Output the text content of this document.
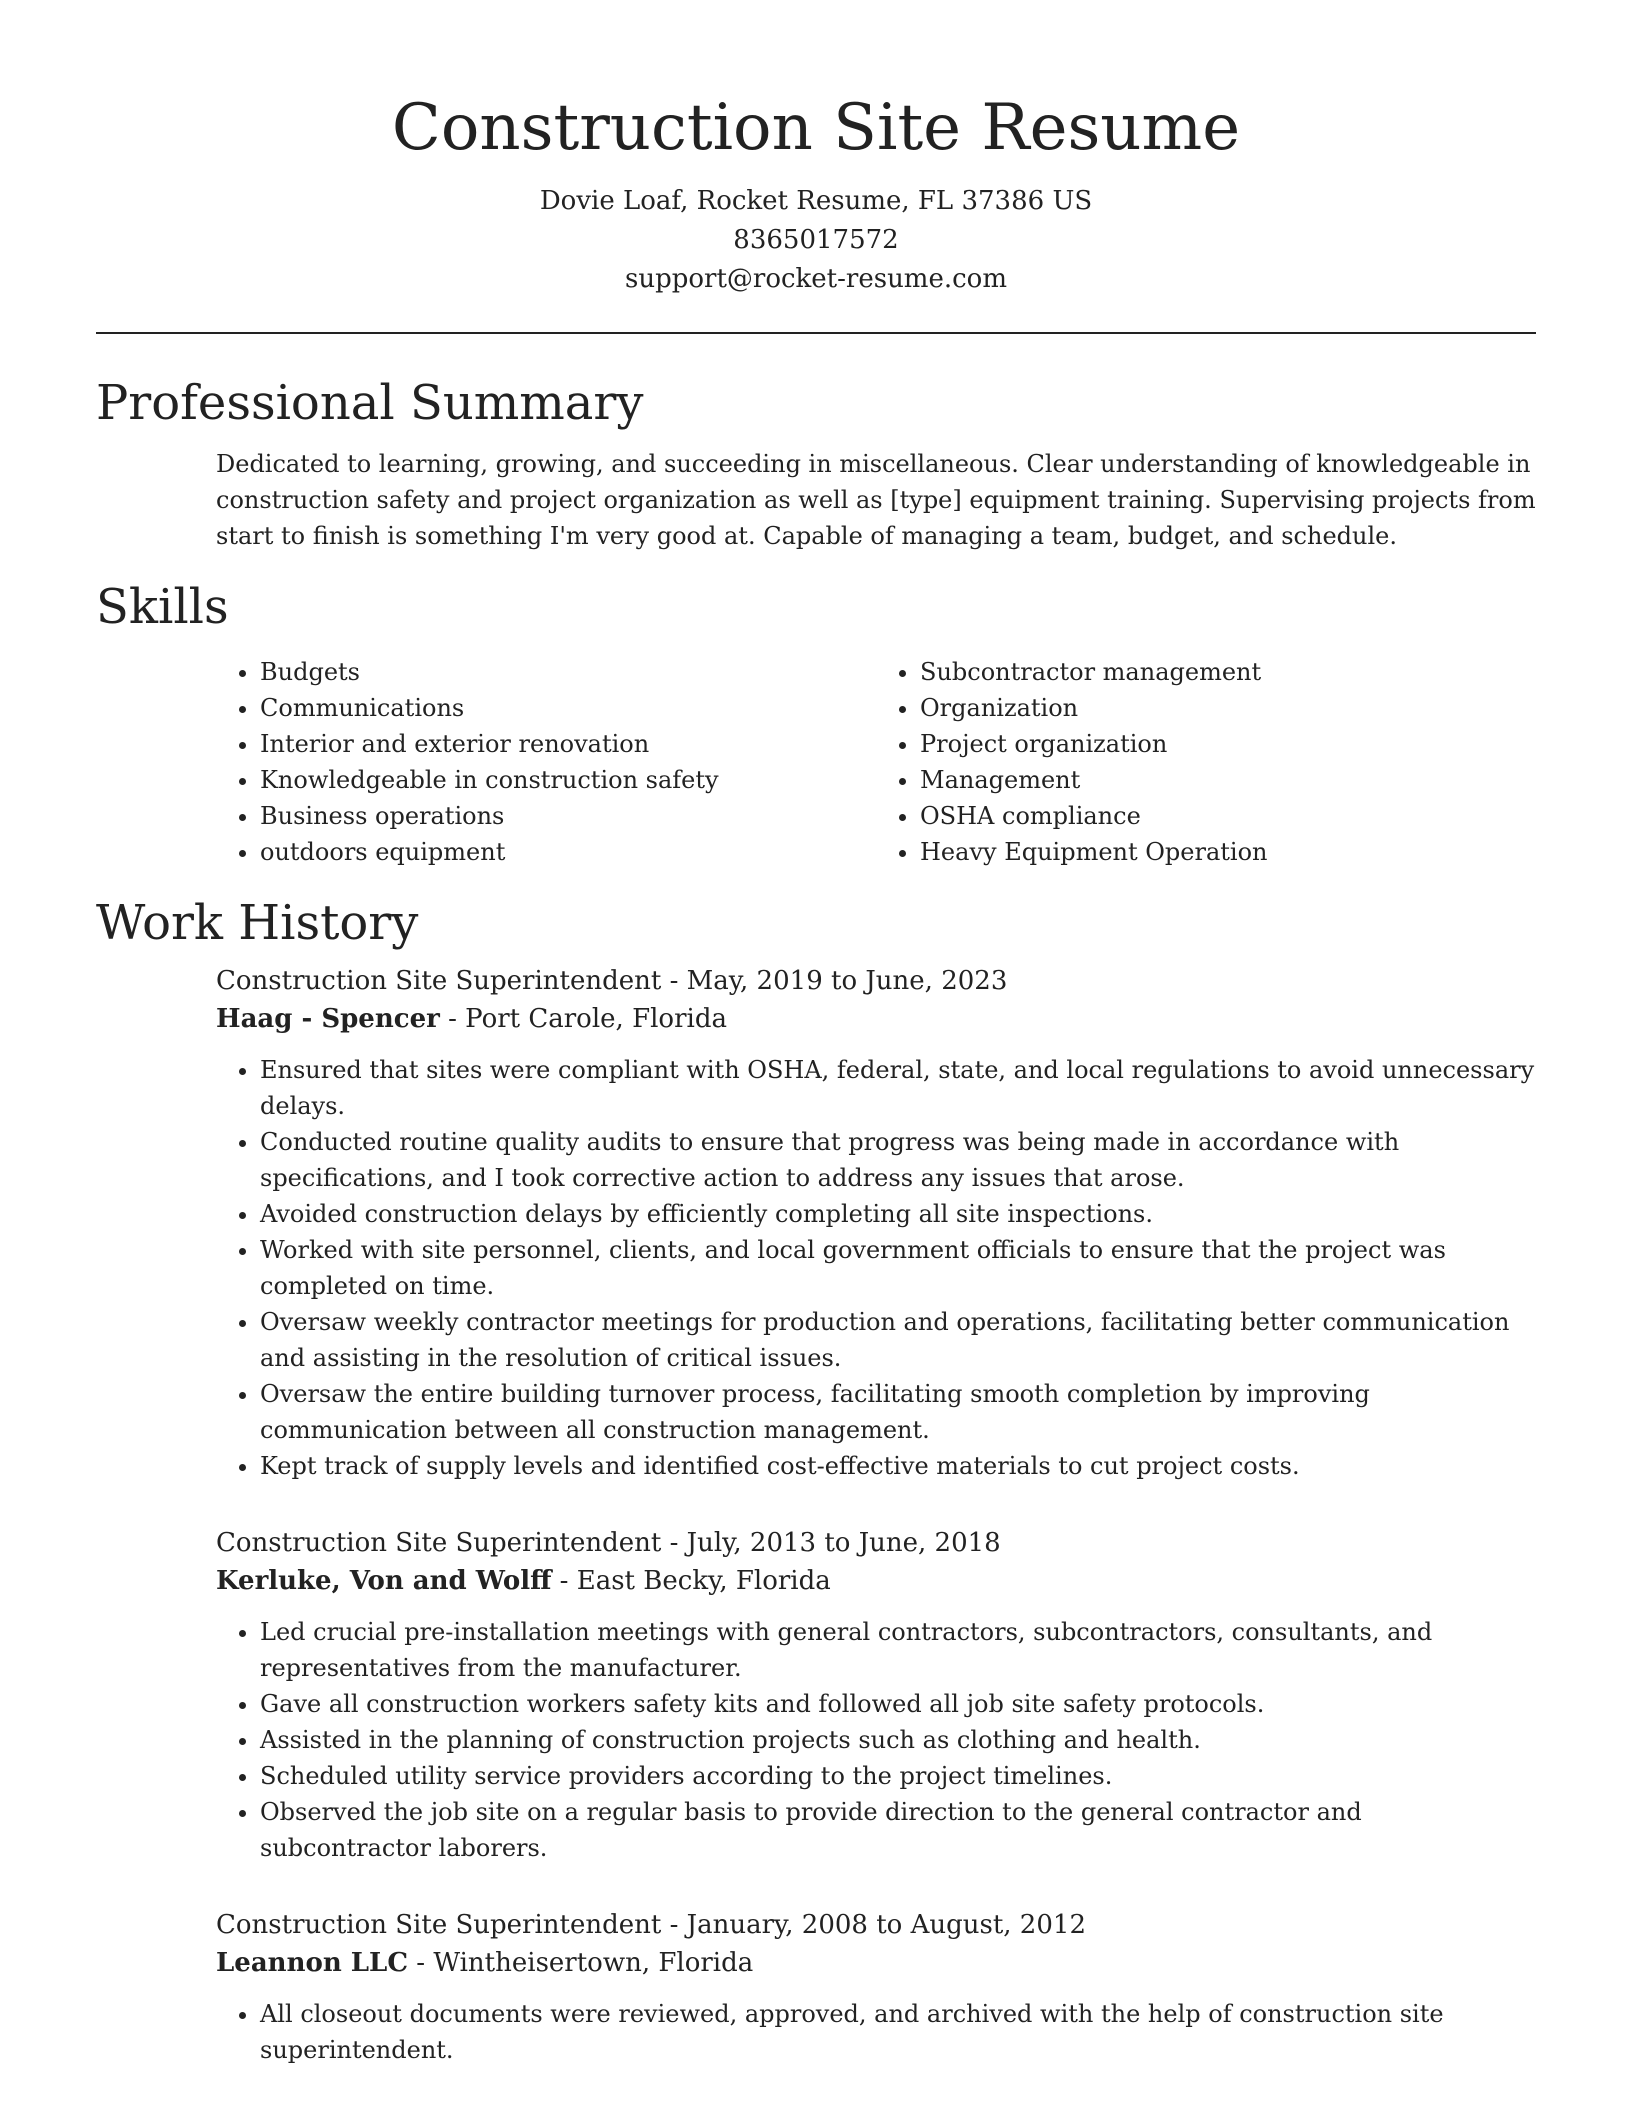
Construction Site Resume
Dovie Loaf, Rocket Resume, FL 37386 US
8365017572
support@rocket-resume.com
Professional Summary

Dedicated to learning, growing, and succeeding in miscellaneous. Clear understanding of knowledgeable in construction safety and project organization as well as [type] equipment training. Supervising projects from start to finish is something I'm very good at. Capable of managing a team, budget, and schedule.

Skills
• Budgets
• Communications
• Interior and exterior renovation
• Knowledgeable in construction safety
• Business operations
• outdoors equipment
• Subcontractor management
• Organization
• Project organization
• Management
• OSHA compliance
• Heavy Equipment Operation
Work History
Construction Site Superintendent - May, 2019 to June, 2023
Haag - Spencer - Port Carole, Florida
• Ensured that sites were compliant with OSHA, federal, state, and local regulations to avoid unnecessary delays.
• Conducted routine quality audits to ensure that progress was being made in accordance with specifications, and I took corrective action to address any issues that arose.
• Avoided construction delays by efficiently completing all site inspections.
• Worked with site personnel, clients, and local government officials to ensure that the project was completed on time.
• Oversaw weekly contractor meetings for production and operations, facilitating better communication and assisting in the resolution of critical issues.
• Oversaw the entire building turnover process, facilitating smooth completion by improving communication between all construction management.
• Kept track of supply levels and identified cost-effective materials to cut project costs.
Construction Site Superintendent - July, 2013 to June, 2018
Kerluke, Von and Wolff - East Becky, Florida
• Led crucial pre-installation meetings with general contractors, subcontractors, consultants, and representatives from the manufacturer.
• Gave all construction workers safety kits and followed all job site safety protocols.
• Assisted in the planning of construction projects such as clothing and health.
• Scheduled utility service providers according to the project timelines.
• Observed the job site on a regular basis to provide direction to the general contractor and subcontractor laborers.
Construction Site Superintendent - January, 2008 to August, 2012
Leannon LLC - Wintheisertown, Florida
• All closeout documents were reviewed, approved, and archived with the help of construction site superintendent.
